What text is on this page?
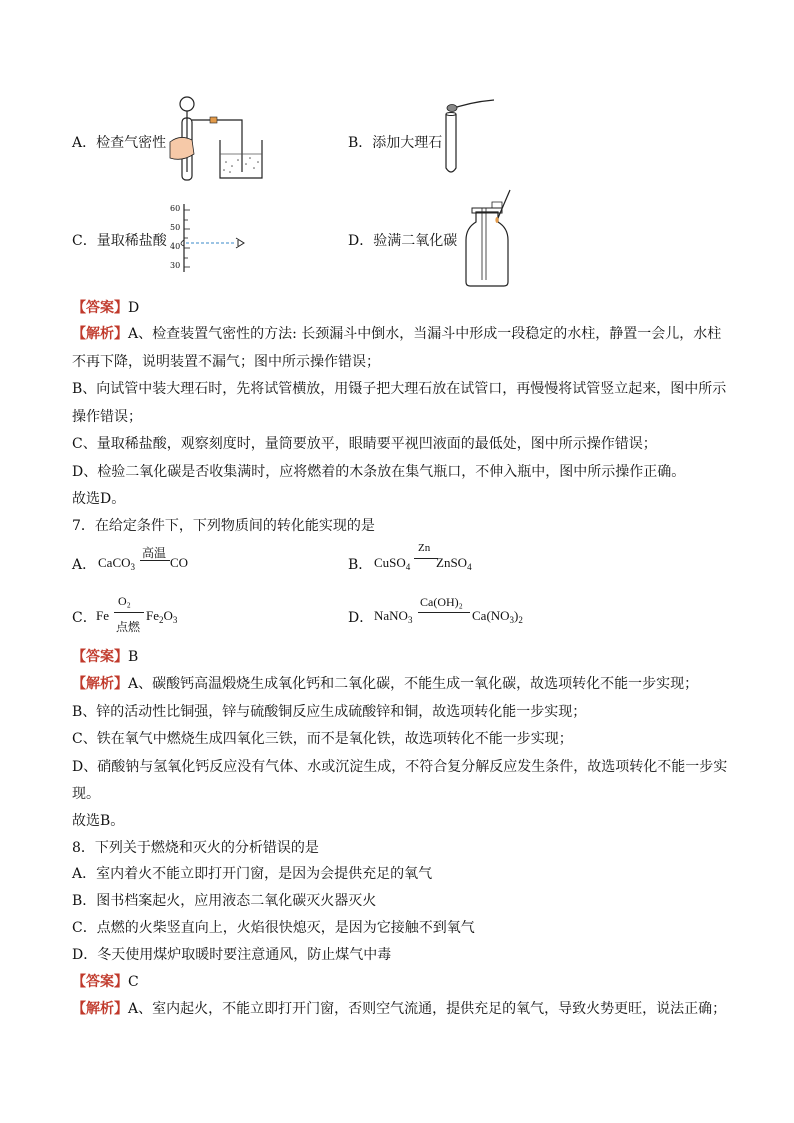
A．检查气密性	B．添加大理石
60
50
40
30
C．量取稀盐酸	D．验满二氧化碳
【答案】D
【解析】A、检查装置气密性的方法: 长颈漏斗中倒水，当漏斗中形成一段稳定的水柱，静置一会儿，水柱
不再下降，说明装置不漏气；图中所示操作错误；
B、向试管中装大理石时，先将试管横放，用镊子把大理石放在试管口，再慢慢将试管竖立起来，图中所示
操作错误；
C、量取稀盐酸，观察刻度时，量筒要放平，眼睛要平视凹液面的最低处，图中所示操作错误；
D、检验二氧化碳是否收集满时，应将燃着的木条放在集气瓶口，不伸入瓶中，图中所示操作正确。
故选D。
7．在给定条件下，下列物质间的转化能实现的是
A． CaCO$_3$
高温
CO	B． CuSO$_4$
Zn
ZnSO$_4$
C． Fe
O₂
点燃
$Fe_2O_3$	D． NaNO$_3$
Ca(OH)₂
$Ca(NO_3)_2$
【答案】B
【解析】A、碳酸钙高温煅烧生成氧化钙和二氧化碳，不能生成一氧化碳，故选项转化不能一步实现；
B、锌的活动性比铜强，锌与硫酸铜反应生成硫酸锌和铜，故选项转化能一步实现；
C、铁在氧气中燃烧生成四氧化三铁，而不是氧化铁，故选项转化不能一步实现；
D、硝酸钠与氢氧化钙反应没有气体、水或沉淀生成，不符合复分解反应发生条件，故选项转化不能一步实
现。
故选B。
8．下列关于燃烧和灭火的分析错误的是
A．室内着火不能立即打开门窗，是因为会提供充足的氧气
B．图书档案起火，应用液态二氧化碳灭火器灭火
C．点燃的火柴竖直向上，火焰很快熄灭，是因为它接触不到氧气
D．冬天使用煤炉取暖时要注意通风，防止煤气中毒
【答案】C
【解析】A、室内起火，不能立即打开门窗，否则空气流通，提供充足的氧气，导致火势更旺，说法正确；
